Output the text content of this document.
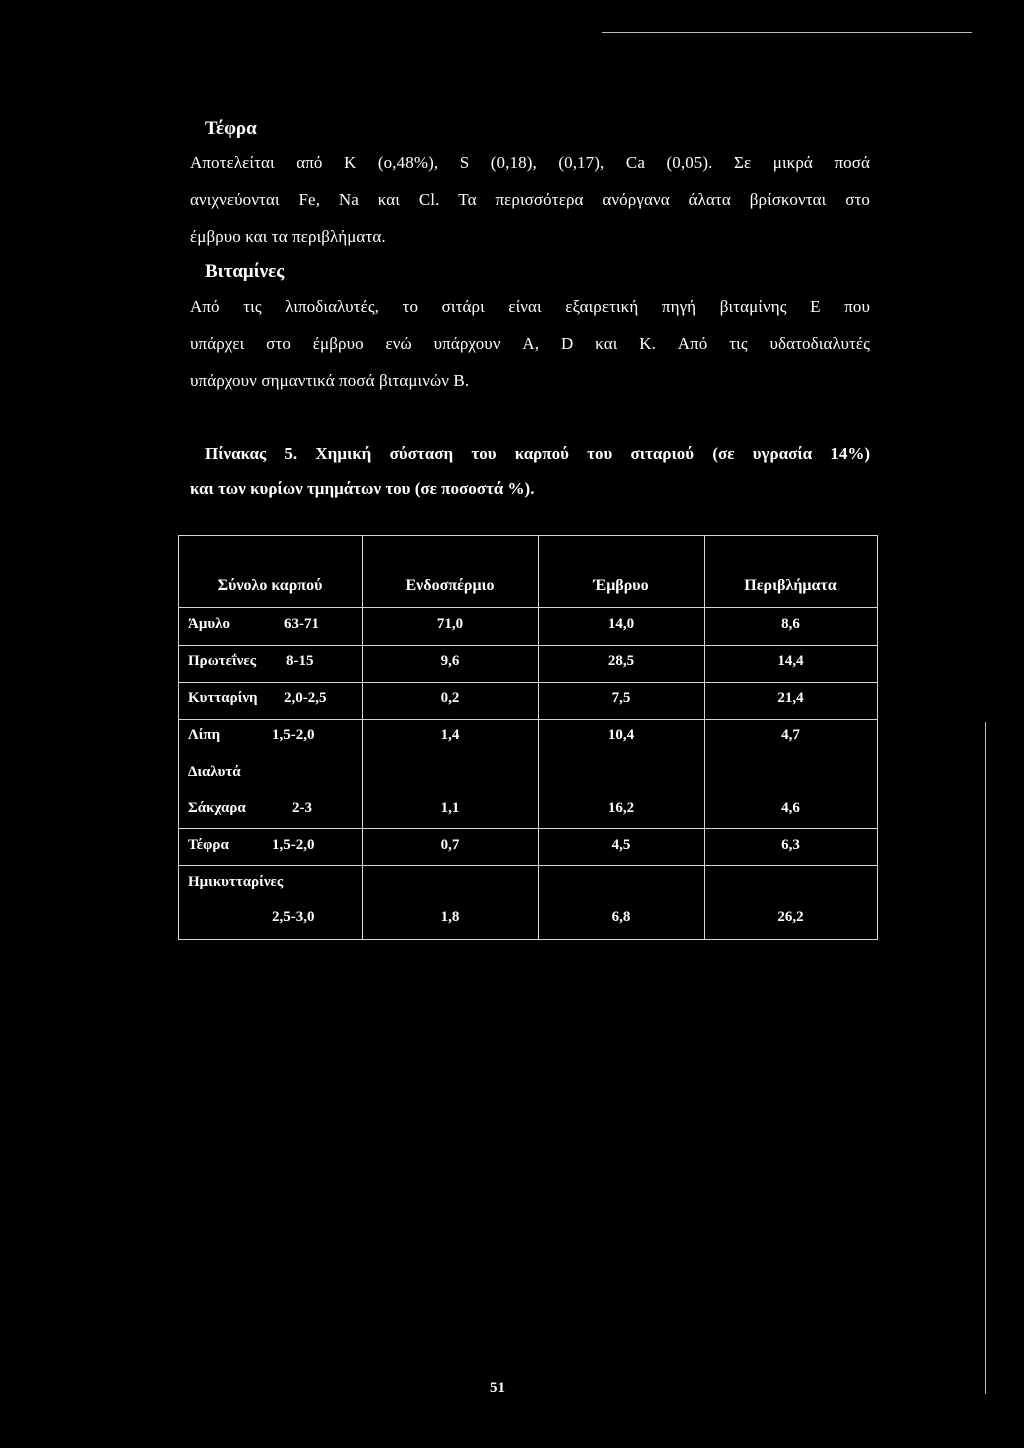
Τέφρα
Αποτελείται από K (ο,48%), S (0,18), (0,17), Ca (0,05). Σε μικρά ποσά
ανιχνεύονται Fe, Na και Cl. Τα περισσότερα ανόργανα άλατα βρίσκονται στο
έμβρυο και τα περιβλήματα.
Βιταμίνες
Από τις λιποδιαλυτές, το σιτάρι είναι εξαιρετική πηγή βιταμίνης E που
υπάρχει στο έμβρυο ενώ υπάρχουν A, D και K. Από τις υδατοδιαλυτές
υπάρχουν σημαντικά ποσά βιταμινών B.
Πίνακας 5. Χημική σύσταση του καρπού του σιταριού (σε υγρασία 14%)
και των κυρίων τμημάτων του (σε ποσοστά %).
Σύνολο καρπού	Ενδοσπέρμιο	Έμβρυο	Περιβλήματα
Άμυλο	63-71	71,0	14,0	8,6
Πρωτεΐνες 8-15	9,6	28,5	14,4
Κυτταρίνη 2,0-2,5	0,2	7,5	21,4
Λίπη	1,5-2,0	1,4	10,4	4,7
Διαλυτά
Σάκχαρα	2-3	1,1	16,2	4,6
Τέφρα	1,5-2,0	0,7	4,5	6,3
Ημικυτταρίνες
2,5-3,0	1,8	6,8	26,2
51
